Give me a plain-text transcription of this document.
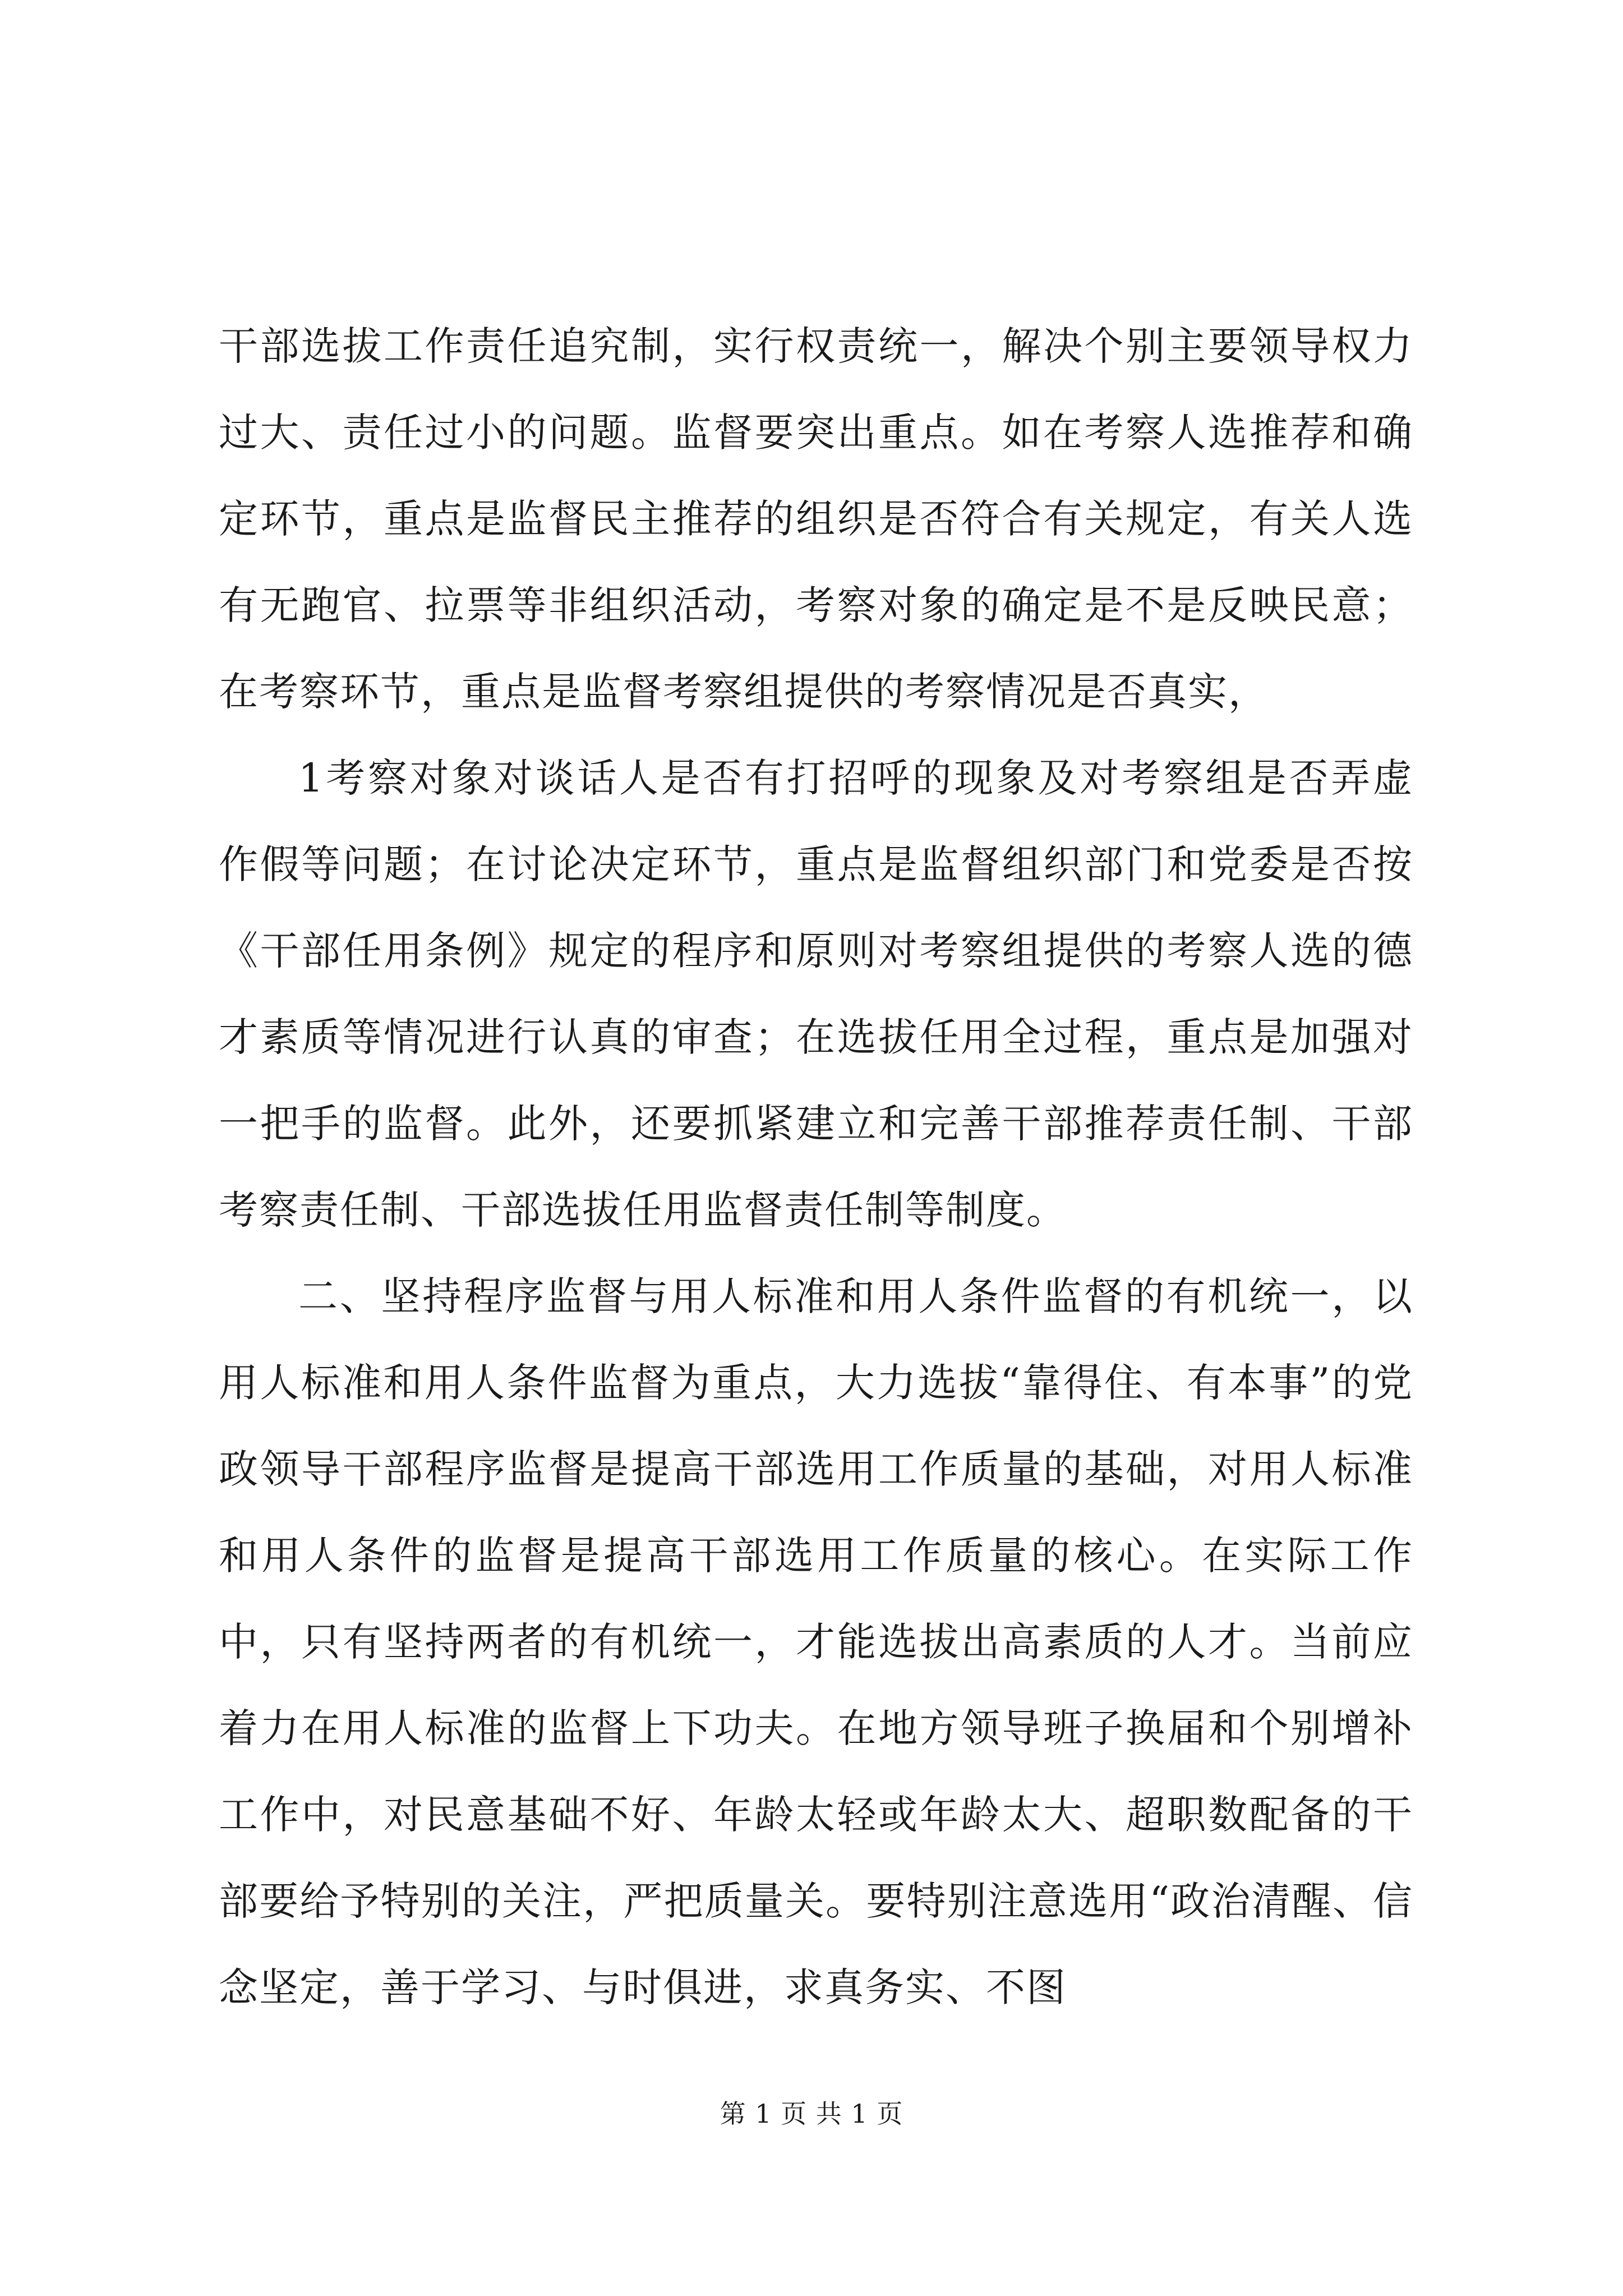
干部选拔工作责任追究制，实行权责统一，解决个别主要领导权力过大、责任过小的问题。监督要突出重点。如在考察人选推荐和确定环节，重点是监督民主推荐的组织是否符合有关规定，有关人选有无跑官、拉票等非组织活动，考察对象的确定是不是反映民意；在考察环节，重点是监督考察组提供的考察情况是否真实，

1考察对象对谈话人是否有打招呼的现象及对考察组是否弄虚作假等问题；在讨论决定环节，重点是监督组织部门和党委是否按《干部任用条例》规定的程序和原则对考察组提供的考察人选的德才素质等情况进行认真的审查；在选拔任用全过程，重点是加强对一把手的监督。此外，还要抓紧建立和完善干部推荐责任制、干部考察责任制、干部选拔任用监督责任制等制度。

二、坚持程序监督与用人标准和用人条件监督的有机统一，以用人标准和用人条件监督为重点，大力选拔“靠得住、有本事”的党政领导干部程序监督是提高干部选用工作质量的基础，对用人标准和用人条件的监督是提高干部选用工作质量的核心。在实际工作中，只有坚持两者的有机统一，才能选拔出高素质的人才。当前应着力在用人标准的监督上下功夫。在地方领导班子换届和个别增补工作中，对民意基础不好、年龄太轻或年龄太大、超职数配备的干部要给予特别的关注，严把质量关。要特别注意选用“政治清醒、信念坚定，善于学习、与时俱进，求真务实、不图

第 1 页 共 1 页
